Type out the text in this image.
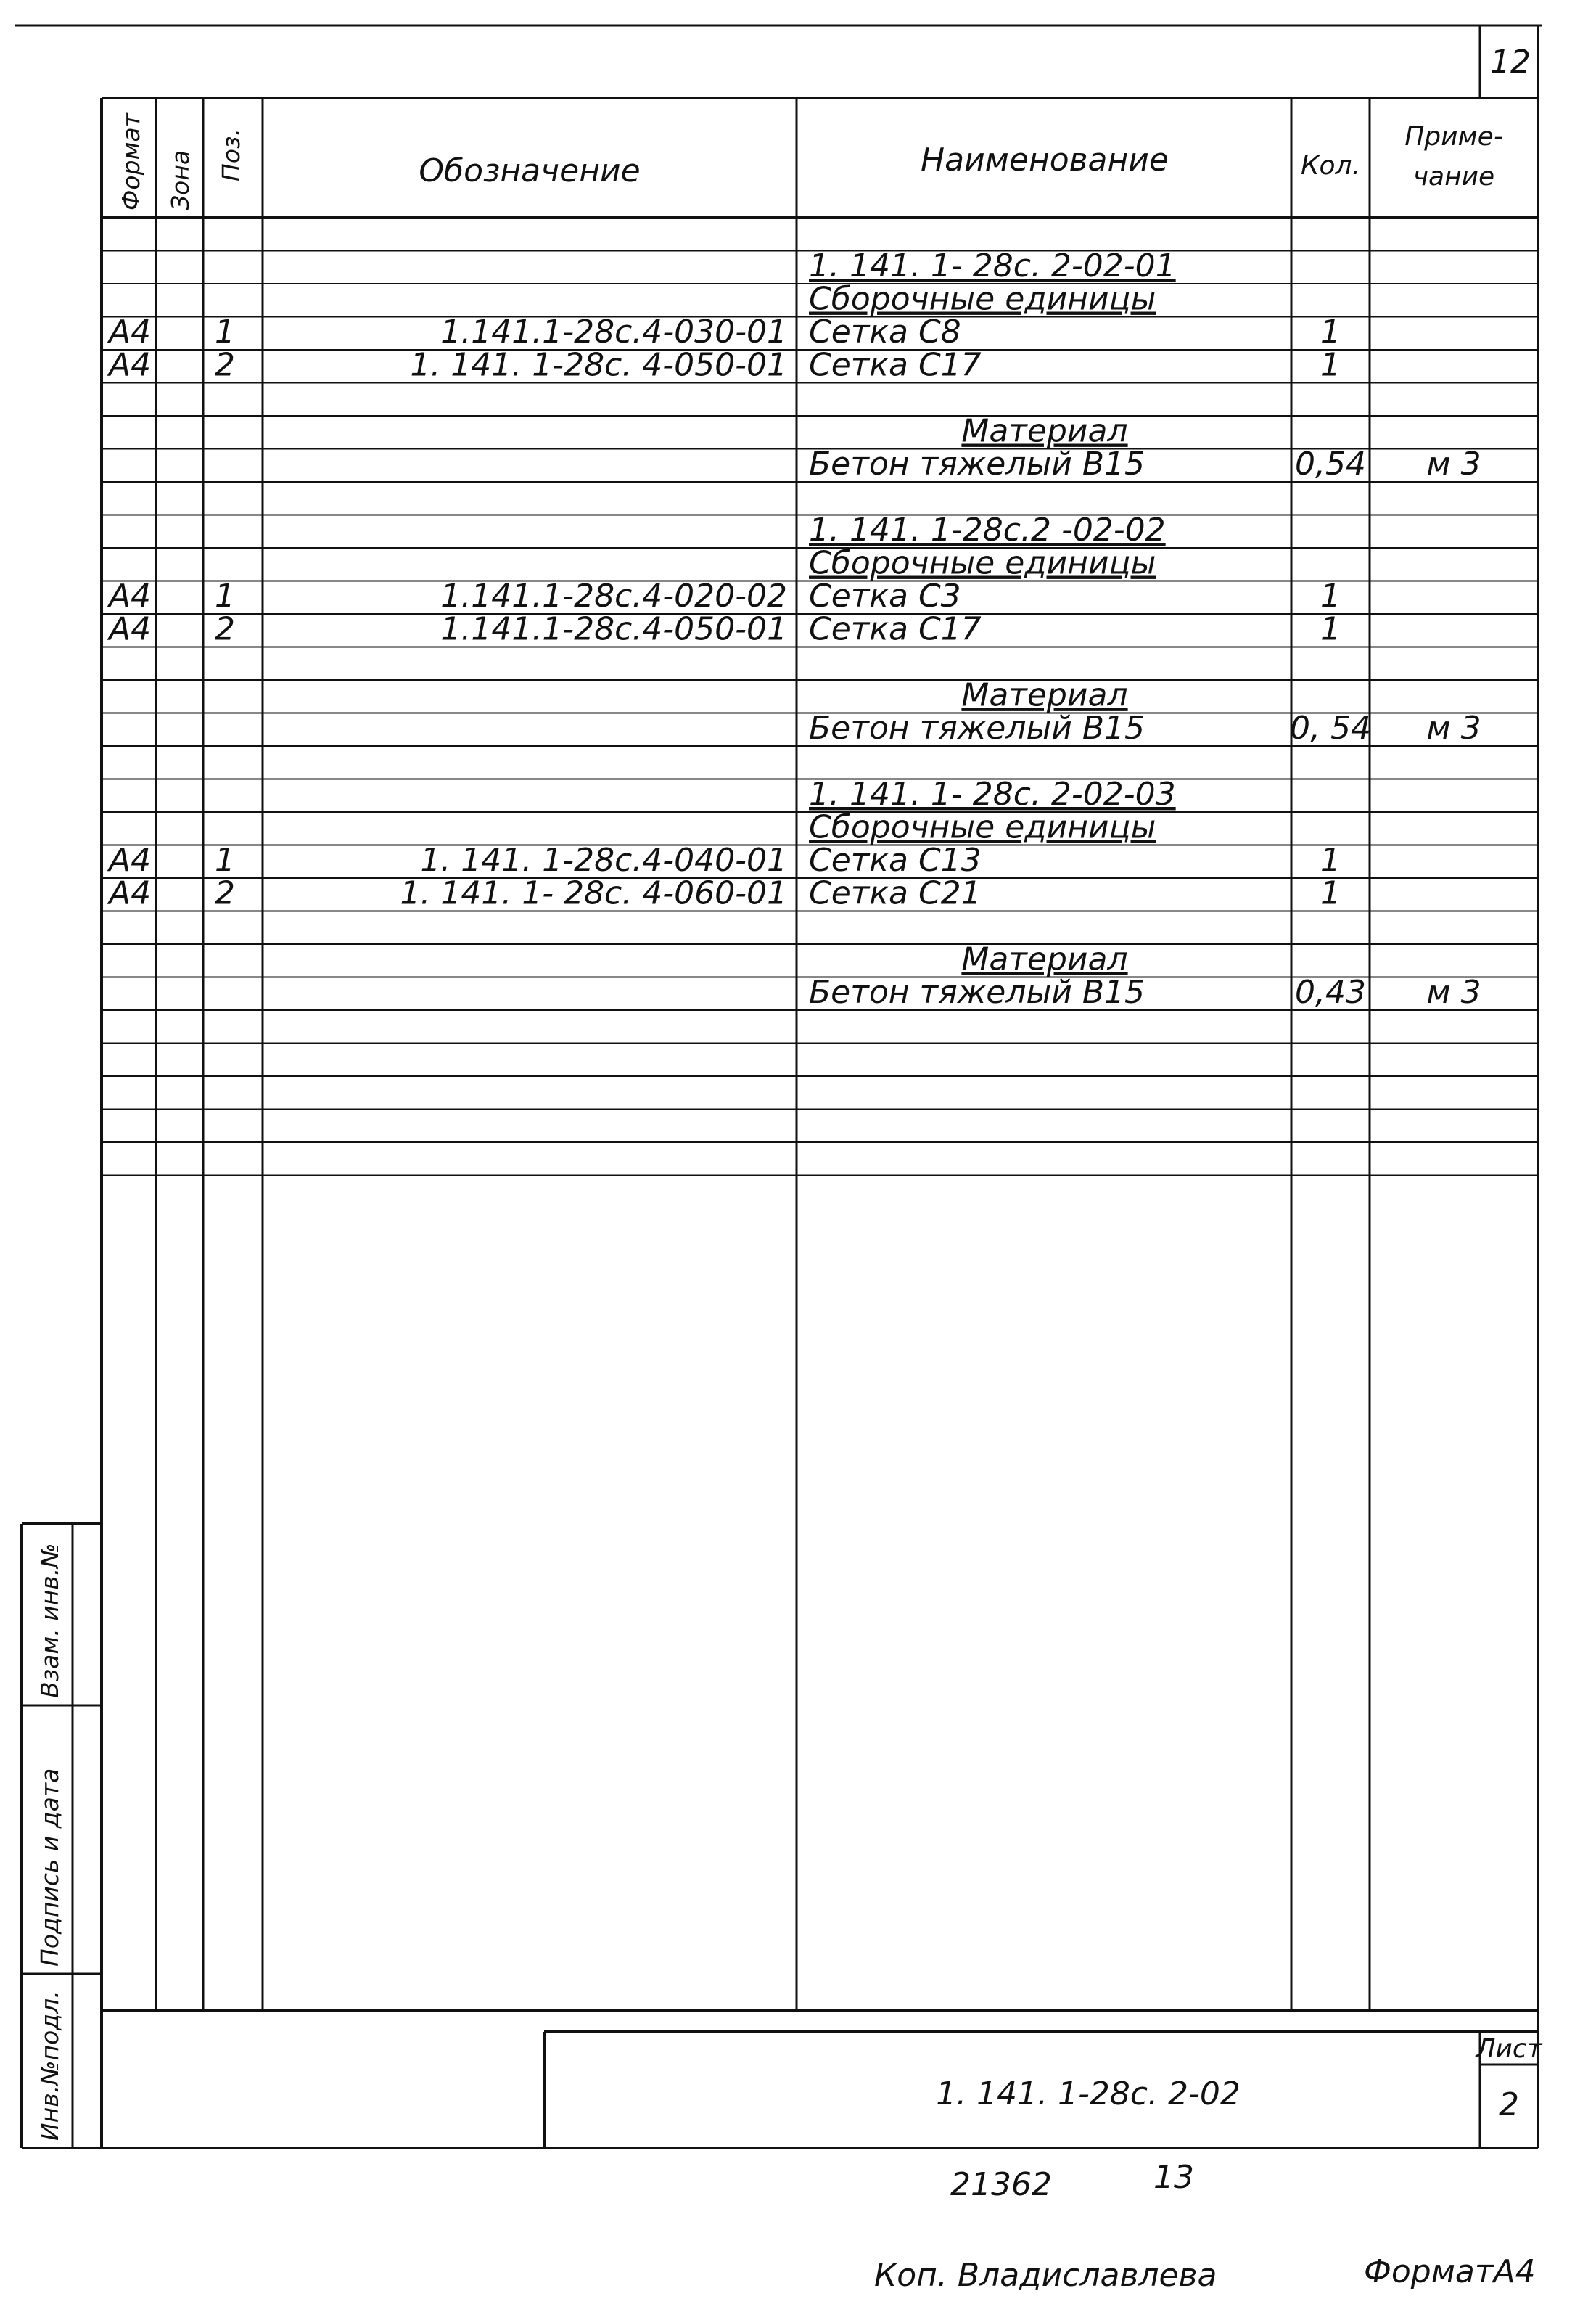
12
Формат Зона Поз.	Обозначение	Наименование	Кол.
Приме-
чание
1. 141. 1- 28с. 2-02-01
Сборочные единицы
А4 1	1.141.1-28с.4-030-01 Сетка С8	1
А4 2	1. 141. 1-28с. 4-050-01 Сетка С17	1
Материал
Бетон тяжелый В15	0,54 м 3
1. 141. 1-28с.2 -02-02
Сборочные единицы
А4 1	1.141.1-28с.4-020-02 Сетка С3	1
А4 2	1.141.1-28с.4-050-01 Сетка С17	1
Материал
Бетон тяжелый В15	0, 54 м 3
1. 141. 1- 28с. 2-02-03
Сборочные единицы
А4 1	1. 141. 1-28с.4-040-01 Сетка С13	1
А4 2	1. 141. 1- 28с. 4-060-01 Сетка С21	1
Материал
Бетон тяжелый В15	0,43 м 3
Взам. инв.№
Подпись и дата
Инв.№подл.	Лист
2
1. 141. 1-28с. 2-02
21362	13
Коп. Владиславлева	ФорматА4
